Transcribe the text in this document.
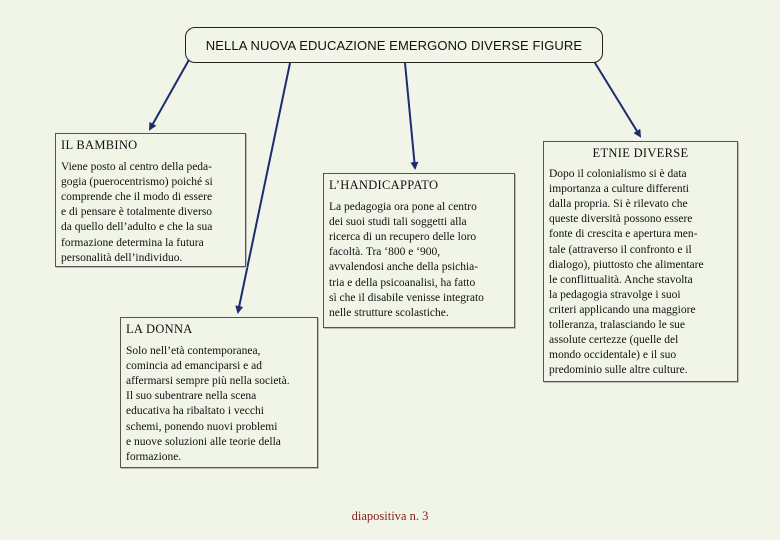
NELLA NUOVA EDUCAZIONE EMERGONO DIVERSE FIGURE
IL BAMBINO
Viene posto al centro della peda-
gogia (puerocentrismo) poiché si
comprende che il modo di essere
e di pensare è totalmente diverso
da quello dell’adulto e che la sua
formazione determina la futura
personalità dell’individuo.
L’HANDICAPPATO
La pedagogia ora pone al centro
dei suoi studi tali soggetti alla
ricerca di un recupero delle loro
facoltà. Tra ‘800 e ‘900,
avvalendosi anche della psichia-
tria e della psicoanalisi, ha fatto
sì che il disabile venisse integrato
nelle strutture scolastiche.
LA DONNA
Solo nell’età contemporanea,
comincia ad emanciparsi e ad
affermarsi sempre più nella società.
Il suo subentrare nella scena
educativa ha ribaltato i vecchi
schemi, ponendo nuovi problemi
e nuove soluzioni alle teorie della
formazione.
ETNIE DIVERSE
Dopo il colonialismo si è data
importanza a culture differenti
dalla propria. Si è rilevato che
queste diversità possono essere
fonte di crescita e apertura men-
tale (attraverso il confronto e il
dialogo), piuttosto che alimentare
le conflittualità. Anche stavolta
la pedagogia stravolge i suoi
criteri applicando una maggiore
tolleranza, tralasciando le sue
assolute certezze (quelle del
mondo occidentale) e il suo
predominio sulle altre culture.
diapositiva n. 3
